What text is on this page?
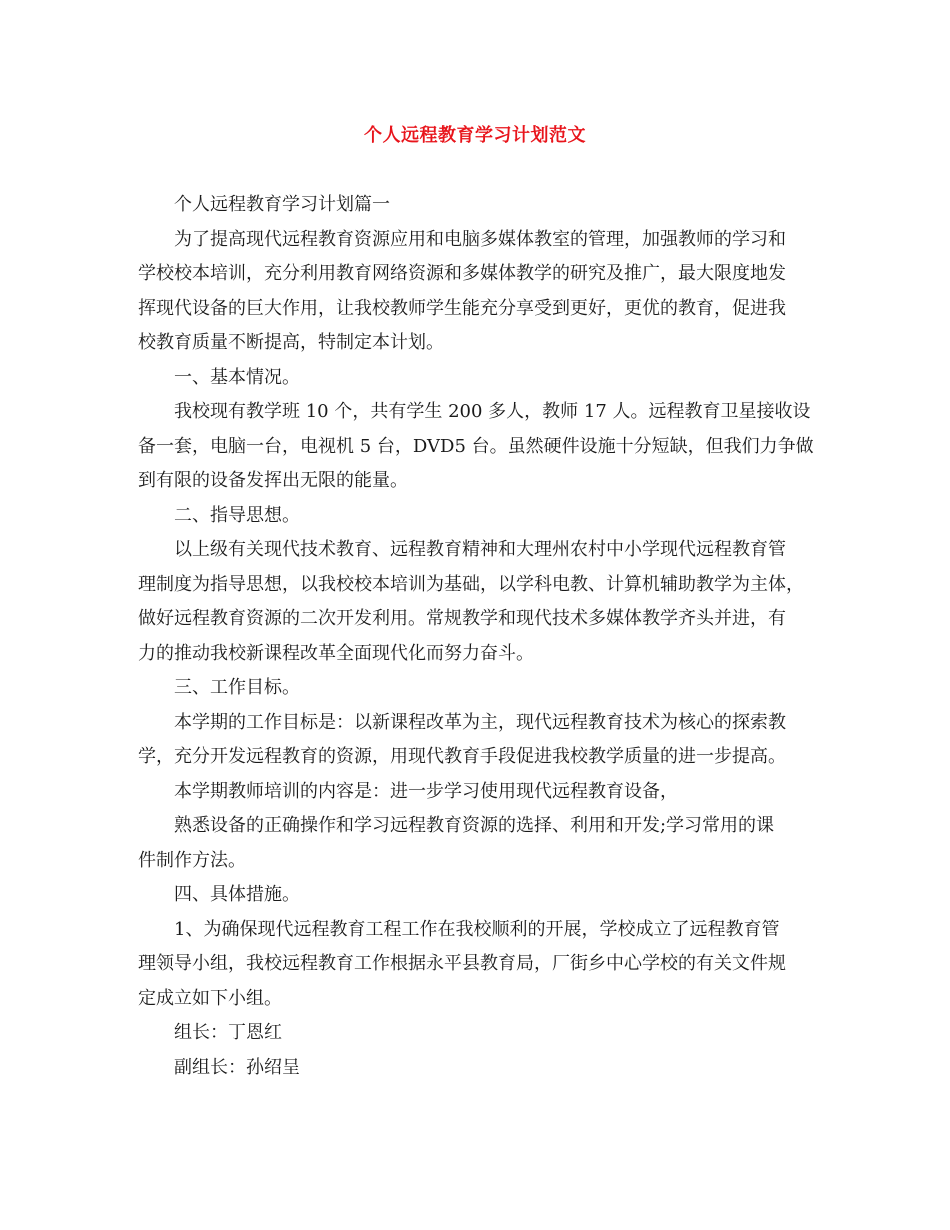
个人远程教育学习计划范文
个人远程教育学习计划篇一
为了提高现代远程教育资源应用和电脑多媒体教室的管理，加强教师的学习和
学校校本培训，充分利用教育网络资源和多媒体教学的研究及推广，最大限度地发
挥现代设备的巨大作用，让我校教师学生能充分享受到更好，更优的教育，促进我
校教育质量不断提高，特制定本计划。
一、基本情况。
我校现有教学班 10 个，共有学生 200 多人，教师 17 人。远程教育卫星接收设
备一套，电脑一台，电视机 5 台，DVD5 台。虽然硬件设施十分短缺，但我们力争做
到有限的设备发挥出无限的能量。
二、指导思想。
以上级有关现代技术教育、远程教育精神和大理州农村中小学现代远程教育管
理制度为指导思想，以我校校本培训为基础，以学科电教、计算机辅助教学为主体，
做好远程教育资源的二次开发利用。常规教学和现代技术多媒体教学齐头并进，有
力的推动我校新课程改革全面现代化而努力奋斗。
三、工作目标。
本学期的工作目标是：以新课程改革为主，现代远程教育技术为核心的探索教
学，充分开发远程教育的资源，用现代教育手段促进我校教学质量的进一步提高。
本学期教师培训的内容是：进一步学习使用现代远程教育设备，
熟悉设备的正确操作和学习远程教育资源的选择、利用和开发;学习常用的课
件制作方法。
四、具体措施。
1、为确保现代远程教育工程工作在我校顺利的开展，学校成立了远程教育管
理领导小组，我校远程教育工作根据永平县教育局，厂街乡中心学校的有关文件规
定成立如下小组。
组长：丁恩红
副组长：孙绍呈
